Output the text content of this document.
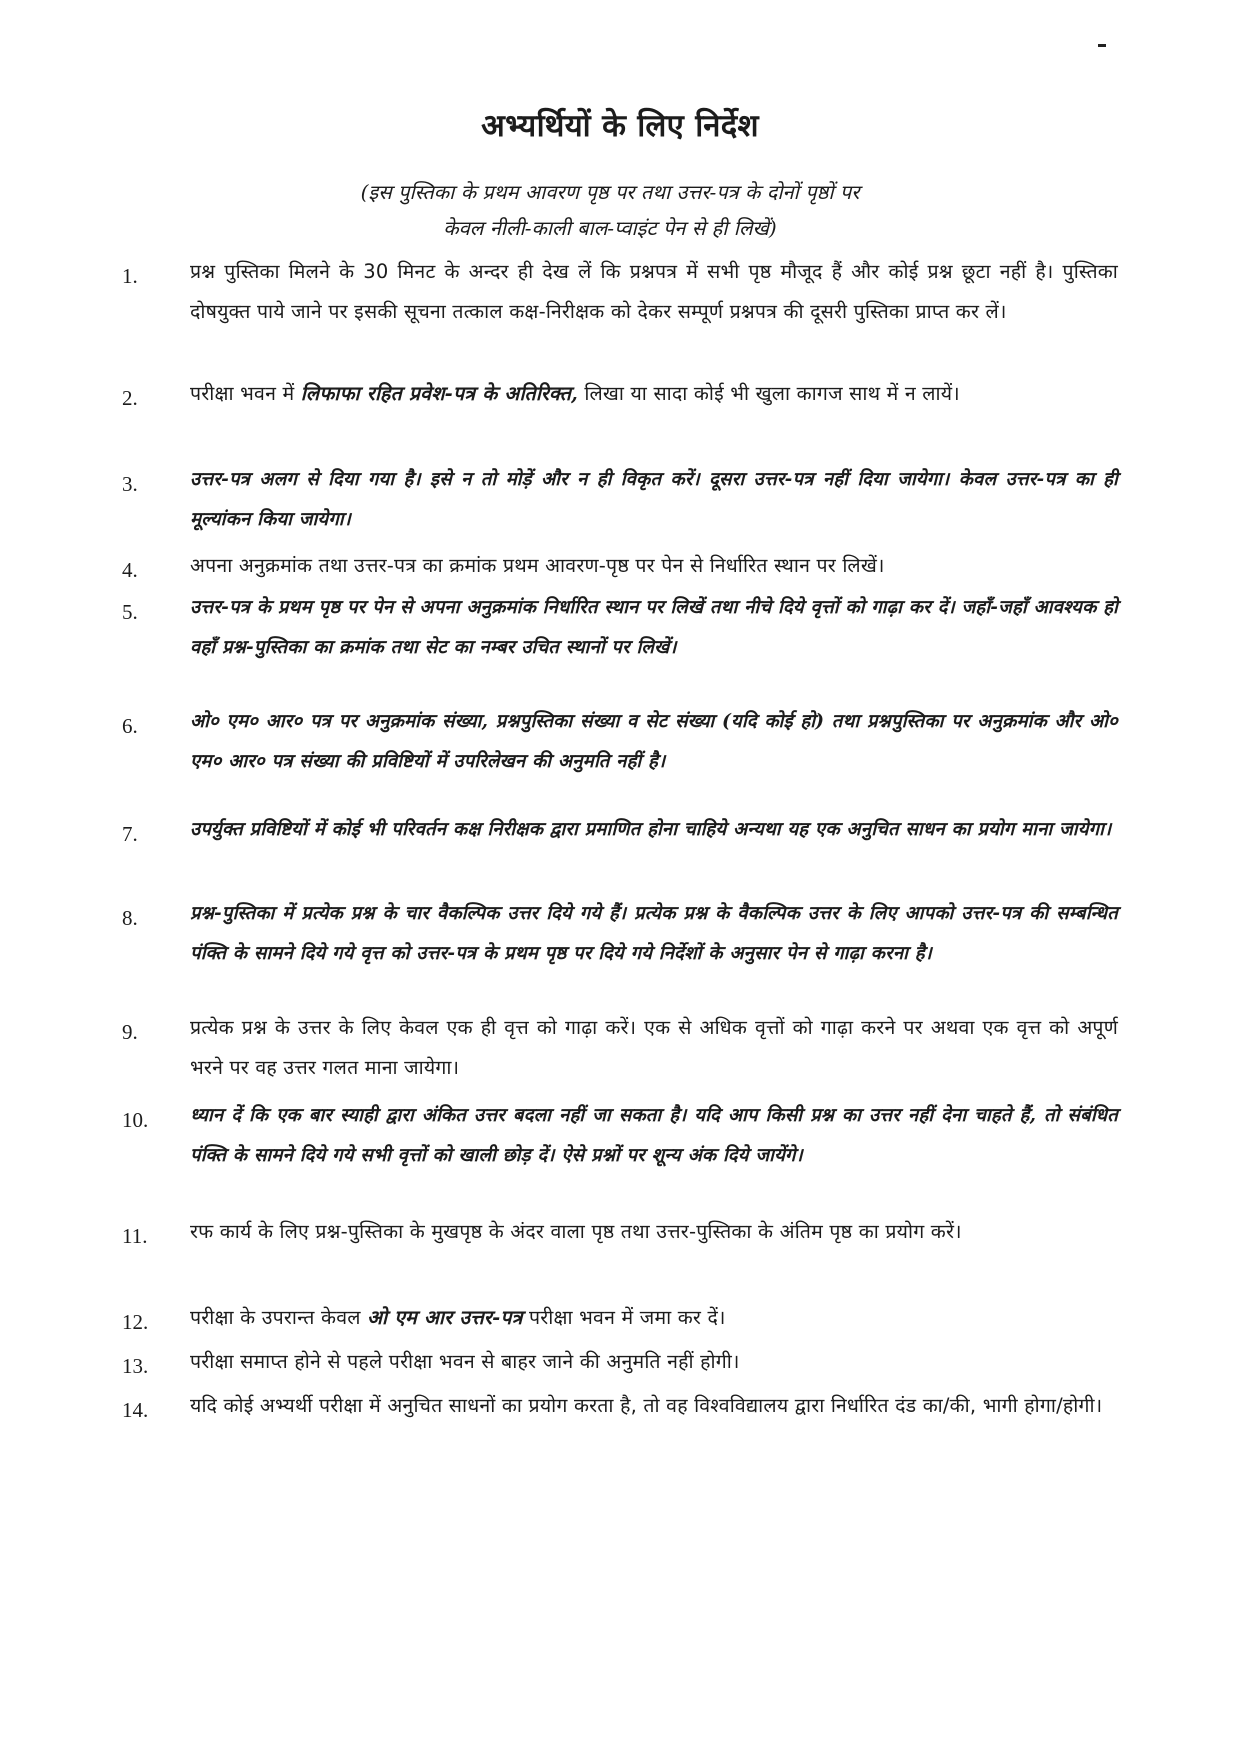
अभ्यर्थियों के लिए निर्देश
(इस पुस्तिका के प्रथम आवरण पृष्ठ पर तथा उत्तर-पत्र के दोनों पृष्ठों पर
केवल नीली-काली बाल-प्वाइंट पेन से ही लिखें)
1.	प्रश्न पुस्तिका मिलने के 30 मिनट के अन्दर ही देख लें कि प्रश्नपत्र में सभी पृष्ठ मौजूद हैं और कोई प्रश्न छूटा नहीं है। पुस्तिका दोषयुक्त पाये जाने पर इसकी सूचना तत्काल कक्ष-निरीक्षक को देकर सम्पूर्ण प्रश्नपत्र की दूसरी पुस्तिका प्राप्त कर लें।
2.	परीक्षा भवन में लिफाफा रहित प्रवेश-पत्र के अतिरिक्त, लिखा या सादा कोई भी खुला कागज साथ में न लायें।
3.	उत्तर-पत्र अलग से दिया गया है। इसे न तो मोड़ें और न ही विकृत करें। दूसरा उत्तर-पत्र नहीं दिया जायेगा। केवल उत्तर-पत्र का ही मूल्यांकन किया जायेगा।
4.	अपना अनुक्रमांक तथा उत्तर-पत्र का क्रमांक प्रथम आवरण-पृष्ठ पर पेन से निर्धारित स्थान पर लिखें।
5.	उत्तर-पत्र के प्रथम पृष्ठ पर पेन से अपना अनुक्रमांक निर्धारित स्थान पर लिखें तथा नीचे दिये वृत्तों को गाढ़ा कर दें। जहाँ-जहाँ आवश्यक हो वहाँ प्रश्न-पुस्तिका का क्रमांक तथा सेट का नम्बर उचित स्थानों पर लिखें।
6.	ओ० एम० आर० पत्र पर अनुक्रमांक संख्या, प्रश्नपुस्तिका संख्या व सेट संख्या (यदि कोई हो) तथा प्रश्नपुस्तिका पर अनुक्रमांक और ओ० एम० आर० पत्र संख्या की प्रविष्टियों में उपरिलेखन की अनुमति नहीं है।
7.	उपर्युक्त प्रविष्टियों में कोई भी परिवर्तन कक्ष निरीक्षक द्वारा प्रमाणित होना चाहिये अन्यथा यह एक अनुचित साधन का प्रयोग माना जायेगा।
8.	प्रश्न-पुस्तिका में प्रत्येक प्रश्न के चार वैकल्पिक उत्तर दिये गये हैं। प्रत्येक प्रश्न के वैकल्पिक उत्तर के लिए आपको उत्तर-पत्र की सम्बन्धित पंक्ति के सामने दिये गये वृत्त को उत्तर-पत्र के प्रथम पृष्ठ पर दिये गये निर्देशों के अनुसार पेन से गाढ़ा करना है।
9.	प्रत्येक प्रश्न के उत्तर के लिए केवल एक ही वृत्त को गाढ़ा करें। एक से अधिक वृत्तों को गाढ़ा करने पर अथवा एक वृत्त को अपूर्ण भरने पर वह उत्तर गलत माना जायेगा।
10.	ध्यान दें कि एक बार स्याही द्वारा अंकित उत्तर बदला नहीं जा सकता है। यदि आप किसी प्रश्न का उत्तर नहीं देना चाहते हैं, तो संबंधित पंक्ति के सामने दिये गये सभी वृत्तों को खाली छोड़ दें। ऐसे प्रश्नों पर शून्य अंक दिये जायेंगे।
11.	रफ कार्य के लिए प्रश्न-पुस्तिका के मुखपृष्ठ के अंदर वाला पृष्ठ तथा उत्तर-पुस्तिका के अंतिम पृष्ठ का प्रयोग करें।
12.	परीक्षा के उपरान्त केवल ओ एम आर उत्तर-पत्र परीक्षा भवन में जमा कर दें।
13.	परीक्षा समाप्त होने से पहले परीक्षा भवन से बाहर जाने की अनुमति नहीं होगी।
14.	यदि कोई अभ्यर्थी परीक्षा में अनुचित साधनों का प्रयोग करता है, तो वह विश्वविद्यालय द्वारा निर्धारित दंड का/की, भागी होगा/होगी।
